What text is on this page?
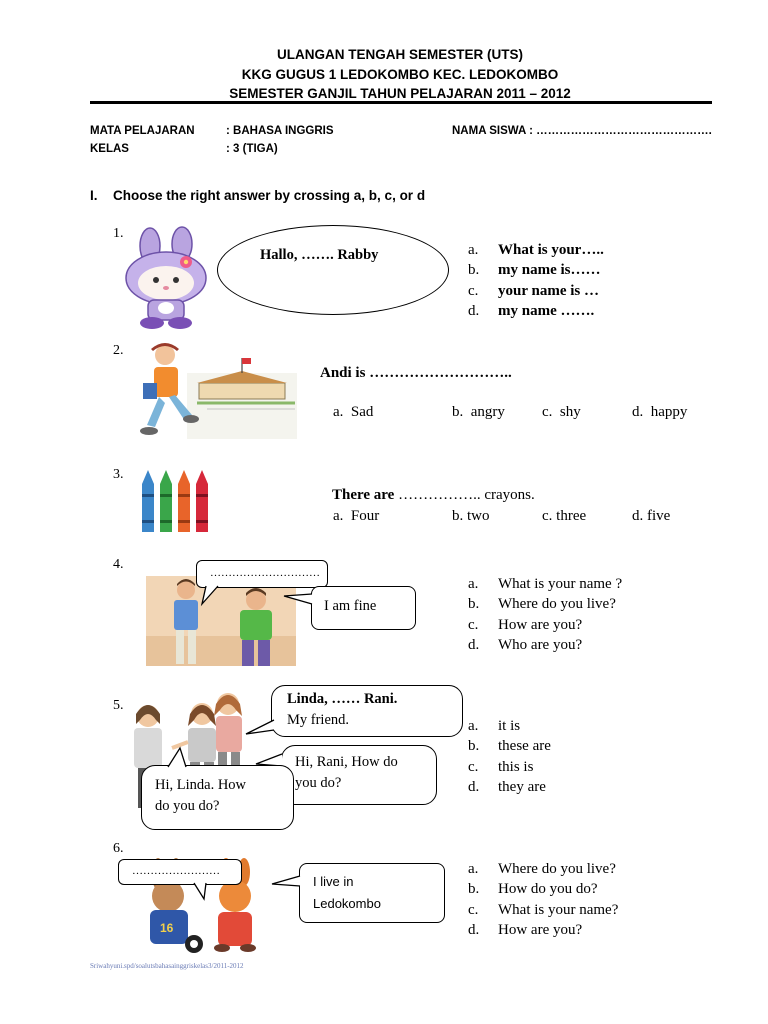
ULANGAN TENGAH SEMESTER (UTS)
KKG GUGUS 1 LEDOKOMBO KEC. LEDOKOMBO
SEMESTER GANJIL TAHUN PELAJARAN 2011 – 2012
MATA PELAJARAN	: BAHASA INGGRIS
KELAS	: 3 (TIGA)
NAMA SISWA : ……………………………………….
I. Choose the right answer by crossing a, b, c, or d
1.
Hallo, ……. Rabby	a. What is your…..
b. my name is……
c. your name is …
d. my name …….
2.
Andi is ………………………..
a. Sad	b. angry c. shy	d. happy
3.
There are …………….. crayons.
a. Four	b. two	c. three	d. five
4.
…………………………
I am fine
a. What is your name ?
b. Where do you live?
c. How are you?
d. Who are you?
5.	Linda, …… Rani.
My friend.
Hi, Rani, How do
you do?
Hi, Linda. How
do you do?
a. it is
b. these are
c. this is
d. they are
6.
16
……………………
I live in
Ledokombo
a. Where do you live?
b. How do you do?
c. What is your name?
d. How are you?
Sriwahyuni.spd/soalutsbahasainggriskelas3/2011-2012
